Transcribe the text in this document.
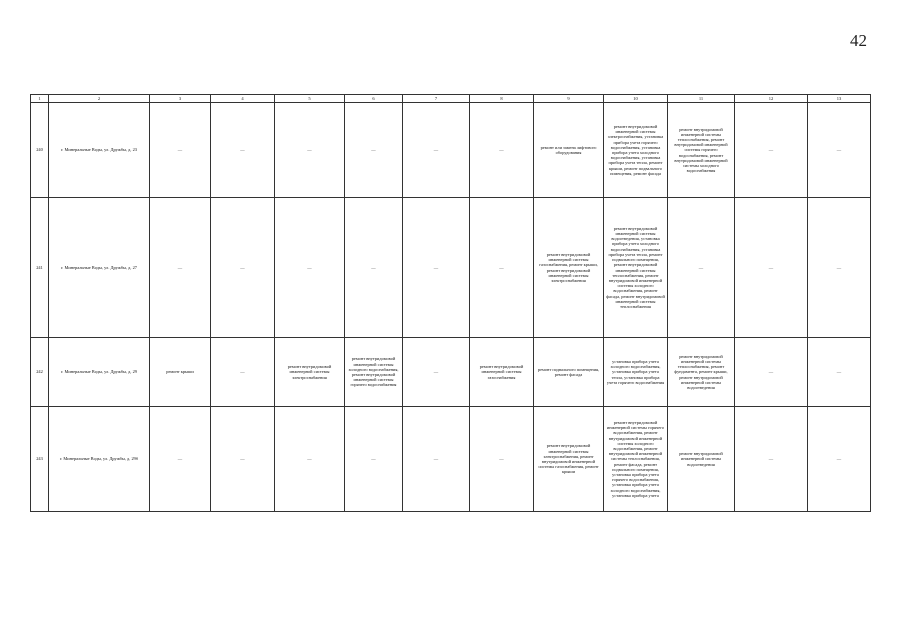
42
1	2	3	4	5	6	7	8	9	10	11	12	13
240	г. Минеральные Воды, ул. Дружбы, д. 23	—	—	—	—	—	—	ремонт или замена лифтового оборудования	ремонт внутридомовой инженерной системы электроснабжения, установка прибора учета горячего водоснабжения, установка прибора учета холодного водоснабжения, установка прибора учета тепла, ремонт крыши, ремонт подвального помещения, ремонт фасада	ремонт внутридомовой инженерной системы теплоснабжения, ремонт внутридомовой инженерной системы горячего водоснабжения, ремонт внутридомовой инженерной системы холодного водоснабжения	—	—
241	г. Минеральные Воды, ул. Дружбы, д. 27	—	—	—	—	—	—	ремонт внутридомовой инженерной системы газоснабжения, ремонт крыши, ремонт внутридомовой инженерной системы электроснабжения	ремонт внутридомовой инженерной системы водоотведения, установка прибора учета холодного водоснабжения, установка прибора учета тепла, ремонт подвального помещения, ремонт внутридомовой инженерной системы теплоснабжения, ремонт внутридомовой инженерной системы холодного водоснабжения, ремонт фасада, ремонт внутридомовой инженерной системы теплоснабжения	—	—	—
242	г. Минеральные Воды, ул. Дружбы, д. 29	ремонт крыши	—	ремонт внутридомовой инженерной системы электроснабжения	ремонт внутридомовой инженерной системы холодного водоснабжения, ремонт внутридомовой инженерной системы горячего водоснабжения	—	ремонт внутридомовой инженерной системы газоснабжения	ремонт подвального помещения, ремонт фасада	установка прибора учета холодного водоснабжения, установка прибора учета тепла, установка прибора учета горячего водоснабжения	ремонт внутридомовой инженерной системы теплоснабжения, ремонт фундамента, ремонт крыши, ремонт внутридомовой инженерной системы водоотведения	—	—
243	г. Минеральные Воды, ул. Дружбы, д. 29б	—	—	—	—	—	—	ремонт внутридомовой инженерной системы электроснабжения, ремонт внутридомовой инженерной системы газоснабжения, ремонт крыши	ремонт внутридомовой инженерной системы горячего водоснабжения, ремонт внутридомовой инженерной системы холодного водоснабжения, ремонт внутридомовой инженерной системы теплоснабжения, ремонт фасада, ремонт подвального помещения, установка прибора учета горячего водоснабжения, установка прибора учета холодного водоснабжения, установка прибора учета	ремонт внутридомовой инженерной системы водоотведения	—	—
